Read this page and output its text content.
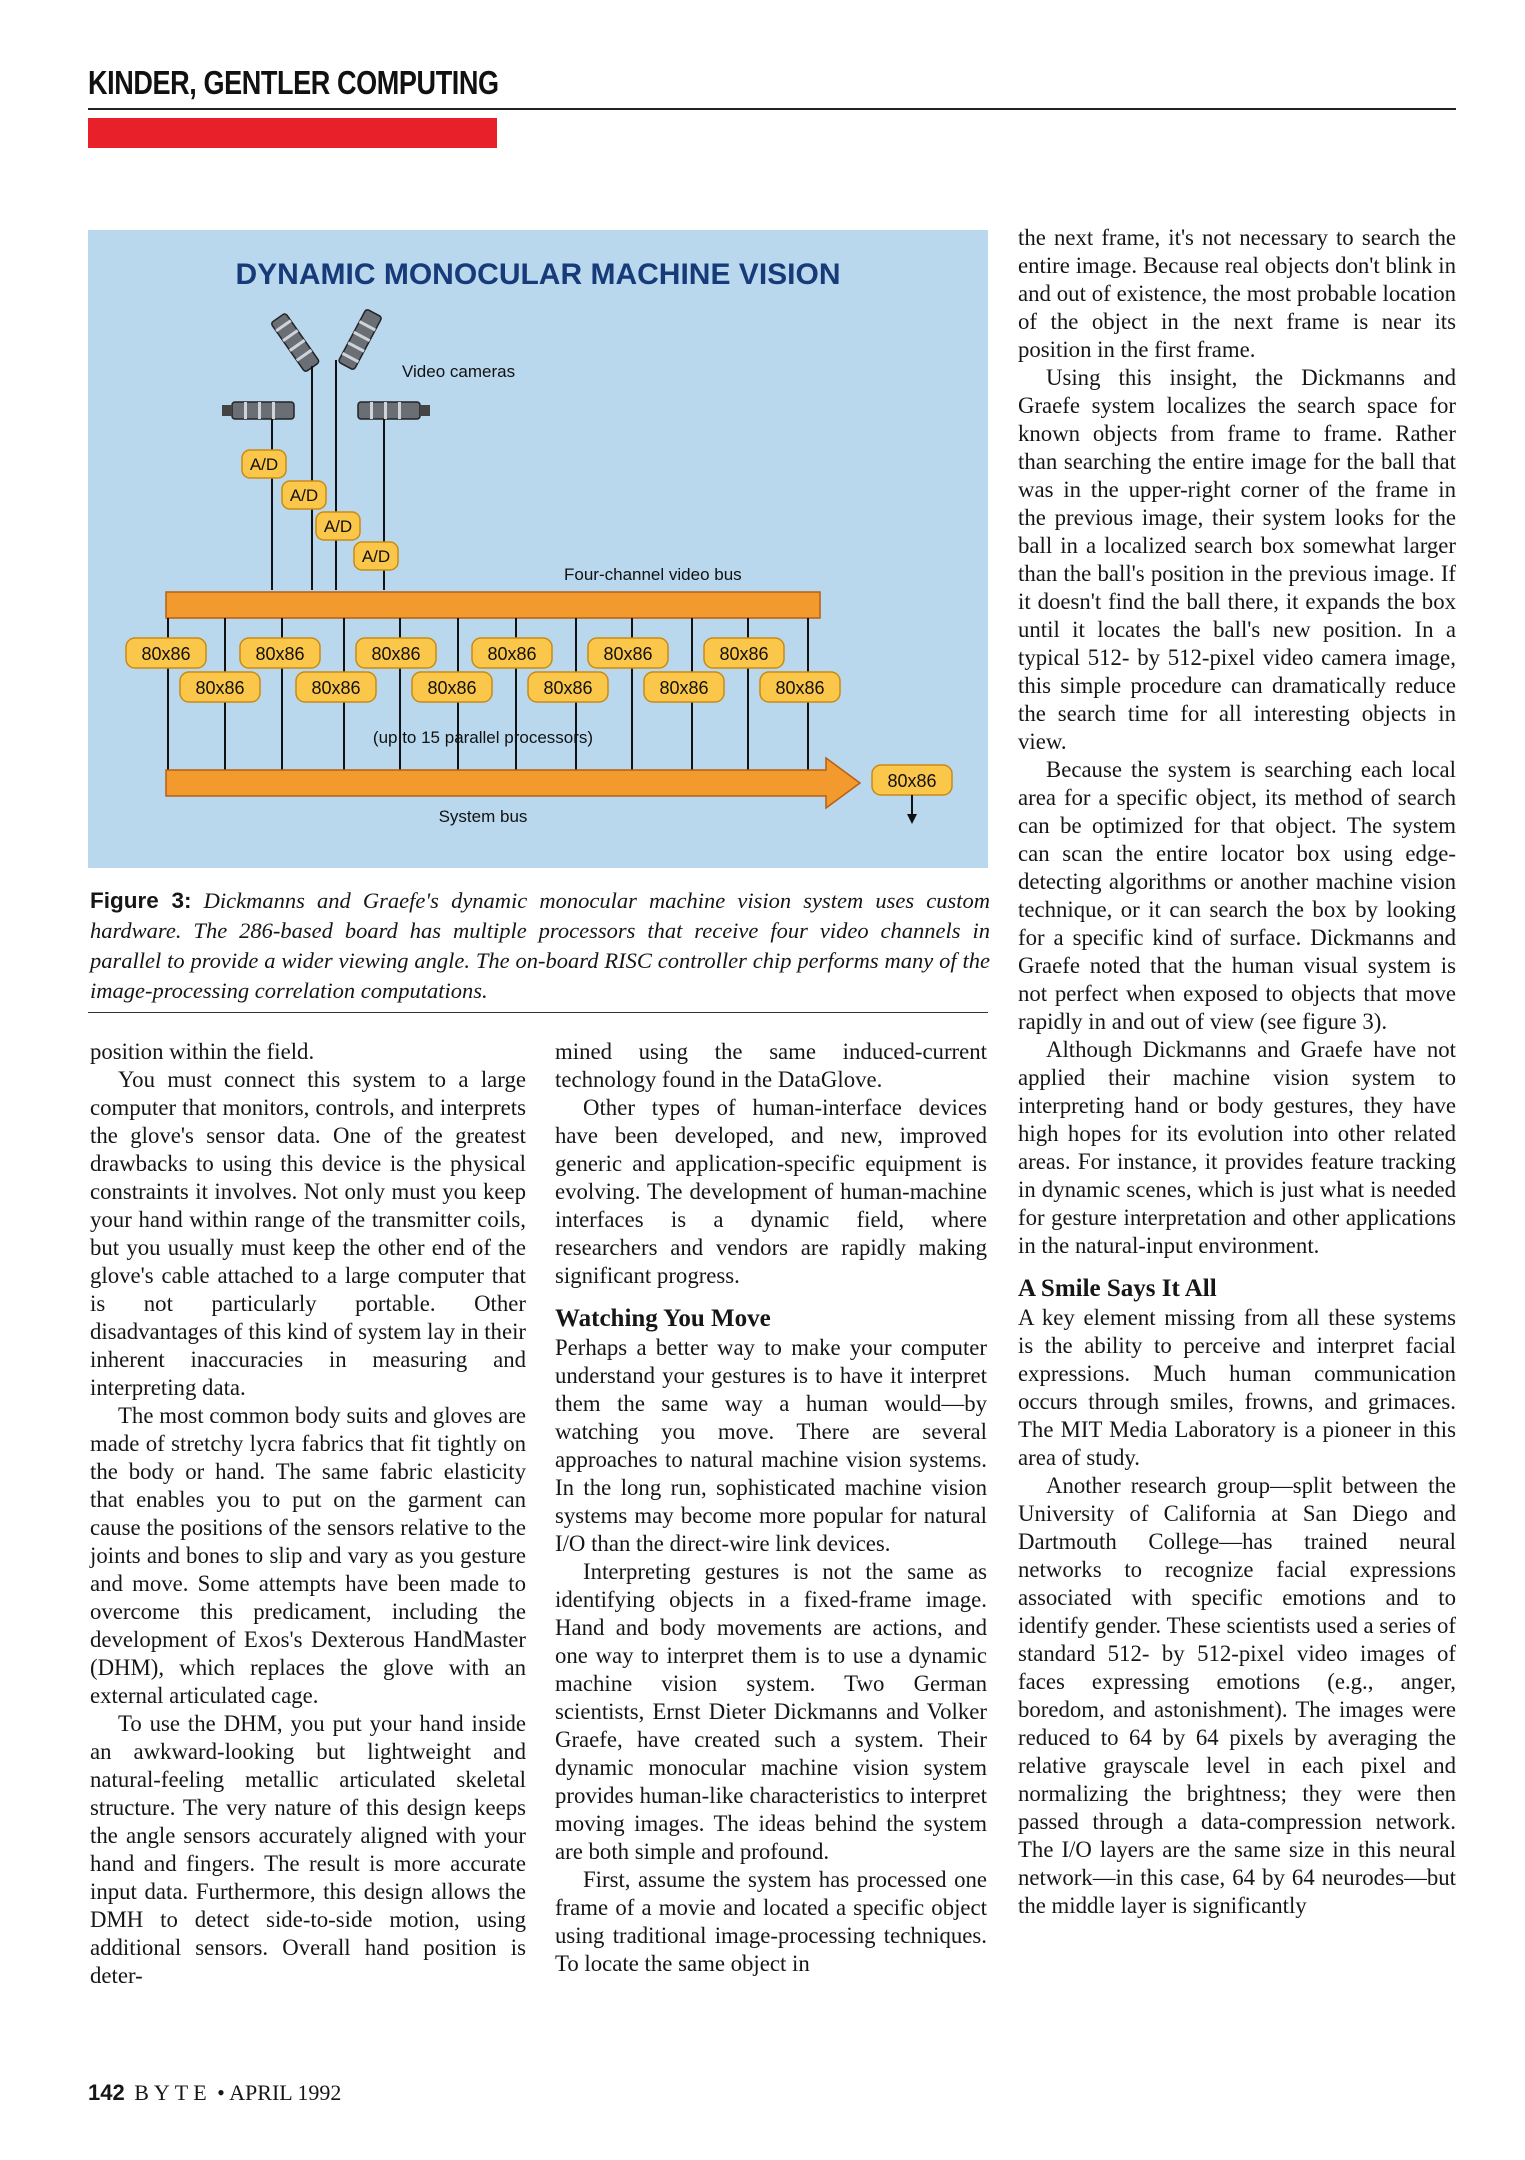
KINDER, GENTLER COMPUTING
DYNAMIC MONOCULAR MACHINE VISION
Video cameras
A/D
A/D
A/D
A/D
Four-channel video bus
80x86	80x86	80x86	80x86	80x86	80x86
80x86	80x86	80x86	80x86	80x86	80x86
(up to 15 parallel processors)
System bus
80x86
Figure 3: Dickmanns and Graefe's dynamic monocular machine vision system uses custom hardware. The 286-based board has multiple processors that receive four video channels in parallel to provide a wider viewing angle. The on-board RISC controller chip performs many of the image-processing correlation computations.

position within the field.

You must connect this system to a large computer that monitors, controls, and interprets the glove's sensor data. One of the greatest drawbacks to using this device is the physical constraints it involves. Not only must you keep your hand within range of the transmitter coils, but you usually must keep the other end of the glove's cable attached to a large computer that is not particularly portable. Other disadvantages of this kind of system lay in their inherent inaccuracies in measuring and interpreting data.

The most common body suits and gloves are made of stretchy lycra fabrics that fit tightly on the body or hand. The same fabric elasticity that enables you to put on the garment can cause the positions of the sensors relative to the joints and bones to slip and vary as you gesture and move. Some attempts have been made to overcome this predicament, including the development of Exos's Dexterous HandMaster (DHM), which replaces the glove with an external articulated cage.

To use the DHM, you put your hand inside an awkward-looking but lightweight and natural-feeling metallic articulated skeletal structure. The very nature of this design keeps the angle sensors accurately aligned with your hand and fingers. The result is more accurate input data. Furthermore, this design allows the DMH to detect side-to-side motion, using additional sensors. Overall hand position is deter-

mined using the same induced-current technology found in the DataGlove.

Other types of human-interface devices have been developed, and new, improved generic and application-specific equipment is evolving. The development of human-machine interfaces is a dynamic field, where researchers and vendors are rapidly making significant progress.

Watching You Move

Perhaps a better way to make your computer understand your gestures is to have it interpret them the same way a human would—by watching you move. There are several approaches to natural machine vision systems. In the long run, sophisticated machine vision systems may become more popular for natural I/O than the direct-wire link devices.

Interpreting gestures is not the same as identifying objects in a fixed-frame image. Hand and body movements are actions, and one way to interpret them is to use a dynamic machine vision system. Two German scientists, Ernst Dieter Dickmanns and Volker Graefe, have created such a system. Their dynamic monocular machine vision system provides human-like characteristics to interpret moving images. The ideas behind the system are both simple and profound.

First, assume the system has processed one frame of a movie and located a specific object using traditional image-processing techniques. To locate the same object in

the next frame, it's not necessary to search the entire image. Because real objects don't blink in and out of existence, the most probable location of the object in the next frame is near its position in the first frame.

Using this insight, the Dickmanns and Graefe system localizes the search space for known objects from frame to frame. Rather than searching the entire image for the ball that was in the upper-right corner of the frame in the previous image, their system looks for the ball in a localized search box somewhat larger than the ball's position in the previous image. If it doesn't find the ball there, it expands the box until it locates the ball's new position. In a typical 512- by 512-pixel video camera image, this simple procedure can dramatically reduce the search time for all interesting objects in view.

Because the system is searching each local area for a specific object, its method of search can be optimized for that object. The system can scan the entire locator box using edge-detecting algorithms or another machine vision technique, or it can search the box by looking for a specific kind of surface. Dickmanns and Graefe noted that the human visual system is not perfect when exposed to objects that move rapidly in and out of view (see figure 3).

Although Dickmanns and Graefe have not applied their machine vision system to interpreting hand or body gestures, they have high hopes for its evolution into other related areas. For instance, it provides feature tracking in dynamic scenes, which is just what is needed for gesture interpretation and other applications in the natural-input environment.

A Smile Says It All

A key element missing from all these systems is the ability to perceive and interpret facial expressions. Much human communication occurs through smiles, frowns, and grimaces. The MIT Media Laboratory is a pioneer in this area of study.

Another research group—split between the University of California at San Diego and Dartmouth College—has trained neural networks to recognize facial expressions associated with specific emotions and to identify gender. These scientists used a series of standard 512- by 512-pixel video images of faces expressing emotions (e.g., anger, boredom, and astonishment). The images were reduced to 64 by 64 pixels by averaging the relative grayscale level in each pixel and normalizing the brightness; they were then passed through a data-compression network. The I/O layers are the same size in this neural network—in this case, 64 by 64 neurodes—but the middle layer is significantly

142 BYTE • APRIL 1992
